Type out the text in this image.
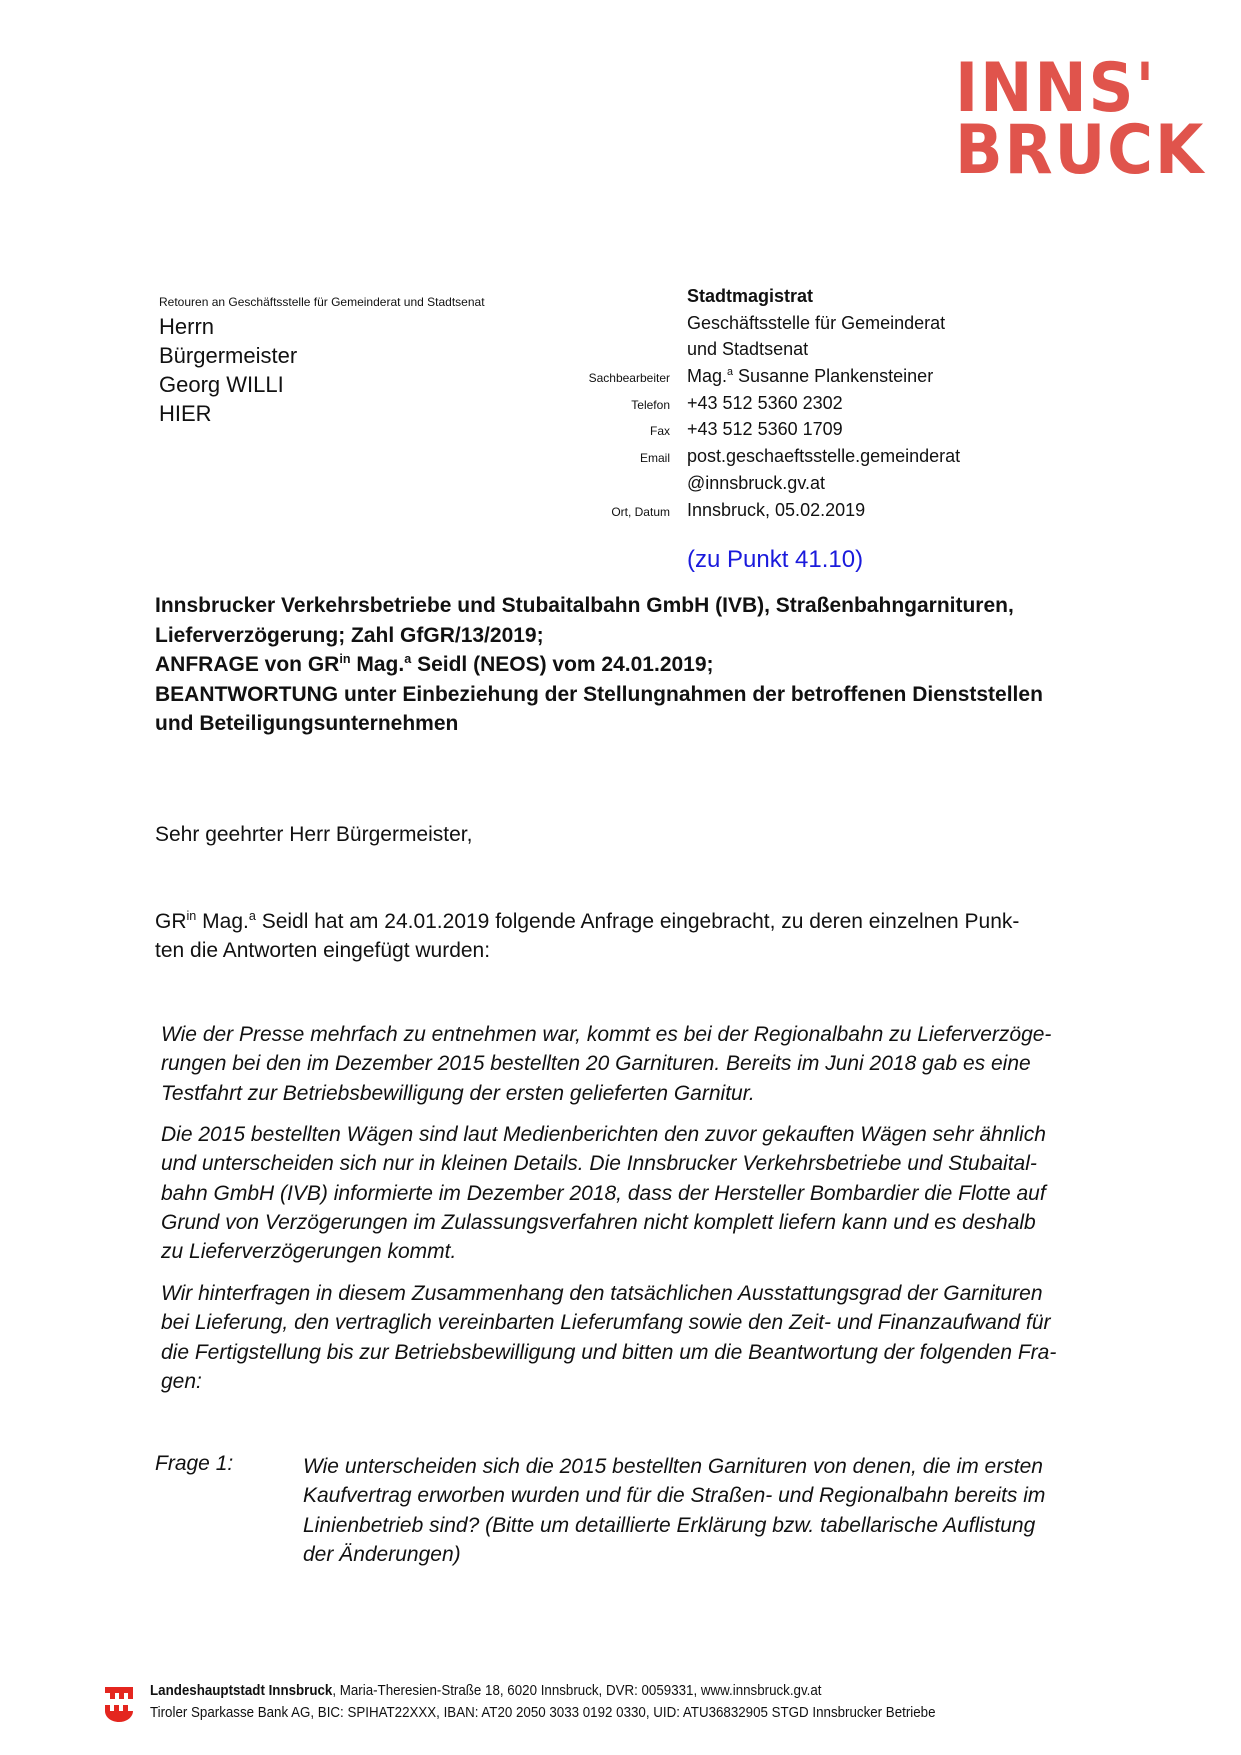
INNS'
BRUCK
Retouren an Geschäftsstelle für Gemeinderat und Stadtsenat
Herrn
Bürgermeister
Georg WILLI
HIER
Stadtmagistrat
Geschäftsstelle für Gemeinderat
und Stadtsenat
Sachbearbeiter Mag.$^a$ Susanne Plankensteiner
Telefon +43 512 5360 2302
Fax +43 512 5360 1709
Email post.geschaeftsstelle.gemeinderat
@innsbruck.gv.at
Ort, Datum Innsbruck, 05.02.2019
(zu Punkt 41.10)
Innsbrucker Verkehrsbetriebe und Stubaitalbahn GmbH (IVB), Straßenbahngarnituren,
Lieferverzögerung; Zahl GfGR/13/2019;
ANFRAGE von $GR^{in}$ Mag.$^a$ Seidl (NEOS) vom 24.01.2019;
BEANTWORTUNG unter Einbeziehung der Stellungnahmen der betroffenen Dienststellen
und Beteiligungsunternehmen
Sehr geehrter Herr Bürgermeister,
$GR^{in}$ Mag.$^a$ Seidl hat am 24.01.2019 folgende Anfrage eingebracht, zu deren einzelnen Punk-
ten die Antworten eingefügt wurden:
Wie der Presse mehrfach zu entnehmen war, kommt es bei der Regionalbahn zu Lieferverzöge-
rungen bei den im Dezember 2015 bestellten 20 Garnituren. Bereits im Juni 2018 gab es eine
Testfahrt zur Betriebsbewilligung der ersten gelieferten Garnitur.
Die 2015 bestellten Wägen sind laut Medienberichten den zuvor gekauften Wägen sehr ähnlich
und unterscheiden sich nur in kleinen Details. Die Innsbrucker Verkehrsbetriebe und Stubaital-
bahn GmbH (IVB) informierte im Dezember 2018, dass der Hersteller Bombardier die Flotte auf
Grund von Verzögerungen im Zulassungsverfahren nicht komplett liefern kann und es deshalb
zu Lieferverzögerungen kommt.
Wir hinterfragen in diesem Zusammenhang den tatsächlichen Ausstattungsgrad der Garnituren
bei Lieferung, den vertraglich vereinbarten Lieferumfang sowie den Zeit- und Finanzaufwand für
die Fertigstellung bis zur Betriebsbewilligung und bitten um die Beantwortung der folgenden Fra-
gen:
Frage 1:	Wie unterscheiden sich die 2015 bestellten Garnituren von denen, die im ersten
Kaufvertrag erworben wurden und für die Straßen- und Regionalbahn bereits im
Linienbetrieb sind? (Bitte um detaillierte Erklärung bzw. tabellarische Auflistung
der Änderungen)
Landeshauptstadt Innsbruck, Maria-Theresien-Straße 18, 6020 Innsbruck, DVR: 0059331, www.innsbruck.gv.at
Tiroler Sparkasse Bank AG, BIC: SPIHAT22XXX, IBAN: AT20 2050 3033 0192 0330, UID: ATU36832905 STGD Innsbrucker Betriebe
